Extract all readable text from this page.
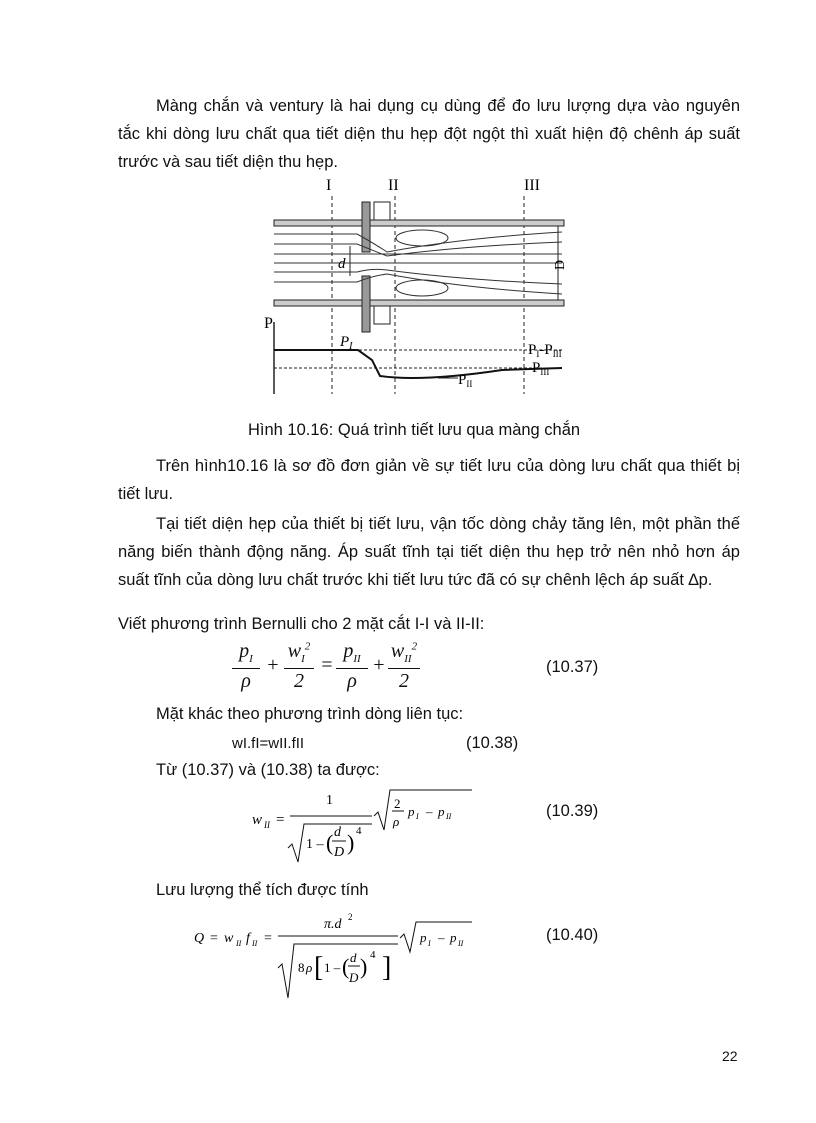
Màng chắn và ventury là hai dụng cụ dùng để đo lưu lượng dựa vào nguyên tắc khi dòng lưu chất qua tiết diện thu hẹp đột ngột thì xuất hiện độ chênh áp suất trước và sau tiết diện thu hẹp.
I	II	III
d	D
P
$P_I$	$P_I-P_{III}$
$P_{III}$
$P_{II}$
Hình 10.16: Quá trình tiết lưu qua màng chắn
Trên hình10.16 là sơ đồ đơn giản về sự tiết lưu của dòng lưu chất qua thiết bị tiết lưu.
Tại tiết diện hẹp của thiết bị tiết lưu, vận tốc dòng chảy tăng lên, một phần thế năng biến thành động năng. Áp suất tĩnh tại tiết diện thu hẹp trở nên nhỏ hơn áp suất tĩnh của dòng lưu chất trước khi tiết lưu tức đã có sự chênh lệch áp suất ∆p.
Viết phương trình Bernulli cho 2 mặt cắt I-I và II-II:
$p_I$
ρ
+
$w_I^2$
2
=
$p_{II}$
ρ
+
$w_{II}^2$
2
(10.37)
Mặt khác theo phương trình dòng liên tục:
wI.fI=wII.fII	(10.38)
Từ (10.37) và (10.38) ta được:
w II =
1
1 –
d
D
( ) 4
2
ρ
p I – p II	(10.39)
Lưu lượng thể tích được tính
Q = w II f II =
π.d 2
8 ρ [ 1 –
d
D
( ) 4 ]
p I – p II	(10.40)
22
